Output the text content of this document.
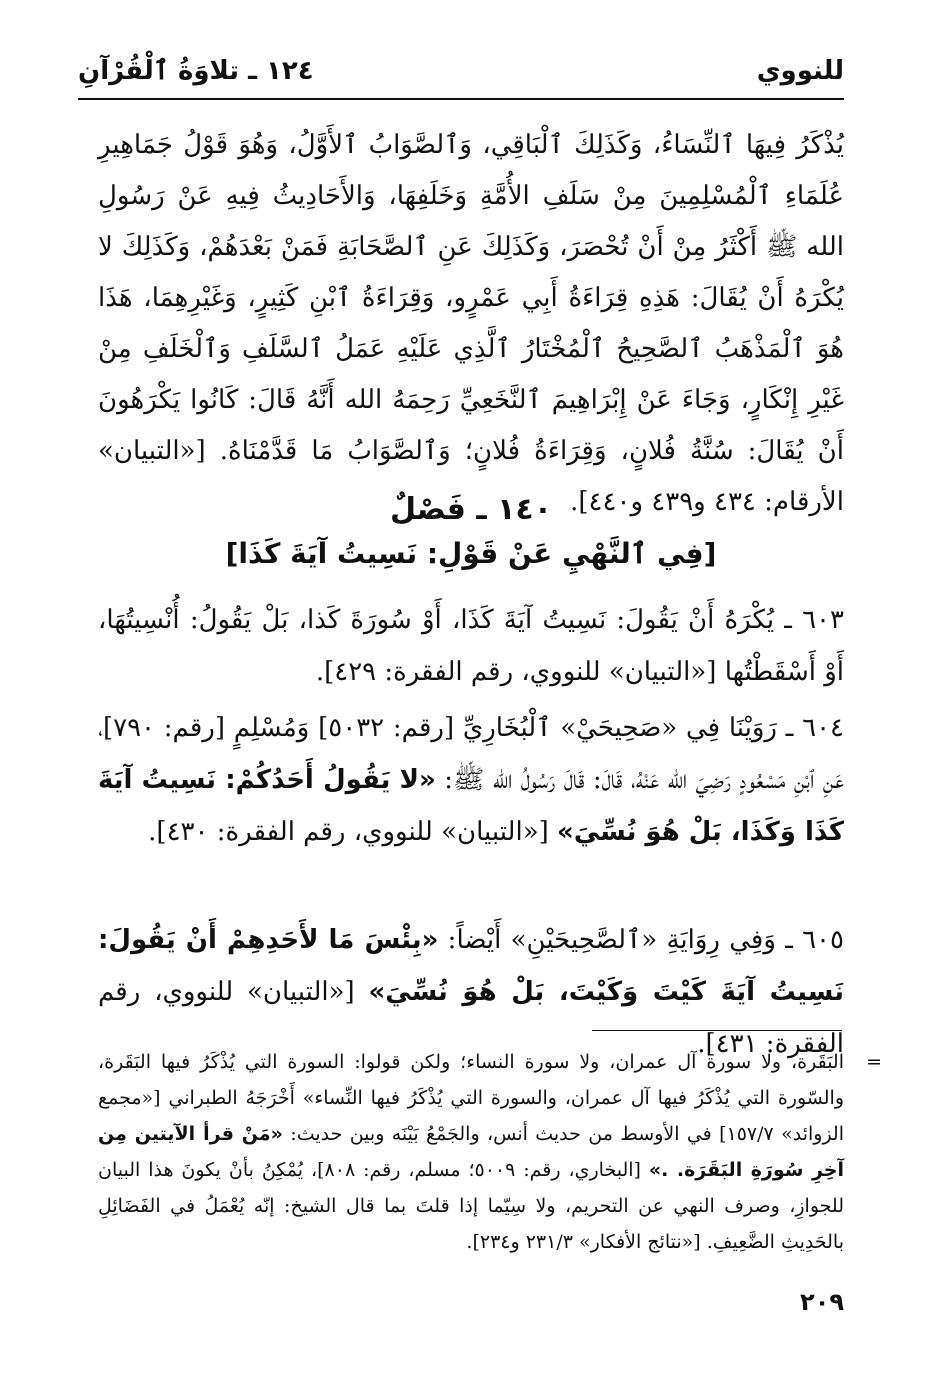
للنووي
١٢٤ ـ تلاوَةُ ٱلْقُرْآنِ
يُذْكَرُ فِيهَا ٱلنِّسَاءُ، وَكَذَلِكَ ٱلْبَاقِي، وَٱلصَّوَابُ ٱلأَوَّلُ، وَهُوَ قَوْلُ جَمَاهِيرِ عُلَمَاءِ ٱلْمُسْلِمِينَ مِنْ سَلَفِ الأُمَّةِ وَخَلَفِهَا، وَالأَحَادِيثُ فِيهِ عَنْ رَسُولِ الله ﷺ أَكْثَرُ مِنْ أَنْ تُحْصَرَ، وَكَذَلِكَ عَنِ ٱلصَّحَابَةِ فَمَنْ بَعْدَهُمْ، وَكَذَلِكَ لا يُكْرَهُ أَنْ يُقَالَ: هَذِهِ قِرَاءَةُ أَبِي عَمْرٍو، وَقِرَاءَةُ ٱبْنِ كَثِيرٍ، وَغَيْرِهِمَا، هَذَا هُوَ ٱلْمَذْهَبُ ٱلصَّحِيحُ ٱلْمُخْتَارُ ٱلَّذِي عَلَيْهِ عَمَلُ ٱلسَّلَفِ وَٱلْخَلَفِ مِنْ غَيْرِ إِنْكَارٍ، وَجَاءَ عَنْ إِبْرَاهِيمَ ٱلنَّخَعِيِّ رَحِمَهُ الله أَنَّهُ قَالَ: كَانُوا يَكْرَهُونَ أَنْ يُقَالَ: سُنَّةُ فُلانٍ، وَقِرَاءَةُ فُلانٍ؛ وَٱلصَّوَابُ مَا قَدَّمْنَاهُ. [«التبيان» الأرقام: ٤٣٤ و٤٣٩ و٤٤٠].
١٤٠ ـ فَصْلٌ
[فِي ٱلنَّهْيِ عَنْ قَوْلِ: نَسِيتُ آيَةَ كَذَا]
٦٠٣ ـ يُكْرَهُ أَنْ يَقُولَ: نَسِيتُ آيَةَ كَذَا، أَوْ سُورَةَ كَذا، بَلْ يَقُولُ: أُنْسِيتُهَا، أَوْ أَسْقَطْتُها [«التبيان» للنووي، رقم الفقرة: ٤٢٩].
٦٠٤ ـ رَوَيْنَا فِي «صَحِيحَيْ» ٱلْبُخَارِيِّ [رقم: ٥٠٣٢] وَمُسْلِمٍ [رقم: ٧٩٠]، عَنِ ٱبْنِ مَسْعُودٍ رَضِيَ الله عَنْهُ، قَالَ: قَالَ رَسُولُ الله ﷺ: «لا يَقُولُ أَحَدُكُمْ: نَسِيتُ آيَةَ كَذَا وَكَذَا، بَلْ هُوَ نُسِّيَ» [«التبيان» للنووي، رقم الفقرة: ٤٣٠].
٦٠٥ ـ وَفِي رِوَايَةِ «ٱلصَّحِيحَيْنِ» أَيْضاً: «بِئْسَ مَا لأَحَدِهِمْ أَنْ يَقُولَ: نَسِيتُ آيَةَ كَيْتَ وَكَيْتَ، بَلْ هُوَ نُسِّيَ» [«التبيان» للنووي، رقم الفقرة: ٤٣١].
=
البَقَرة، ولا سورة آل عمران، ولا سورة النساء؛ ولكن قولوا: السورة التي يُذْكَرُ فيها البَقَرة، والسّورة التي يُذْكَرُ فيها آل عمران، والسورة التي يُذْكَرُ فيها النِّساء» أَخْرَجَهُ الطبراني [«مجمع الزوائد» ١٥٧/٧] في الأوسط من حديث أنس، والجَمْعُ بَيْنَه وبين حديث: «مَنْ قرأ الآيتين مِن آخِرِ سُورَةِ البَقَرَة. .» [البخاري، رقم: ٥٠٠٩؛ مسلم، رقم: ٨٠٨]، يُمْكِنُ بأنْ يكونَ هذا البيان للجوازِ، وصرف النهي عن التحريم، ولا سِيّما إذا قلتَ بما قال الشيخ: إنّه يُعْمَلُ في الفَضَائِلِ بالحَدِيثِ الضَّعِيفِ. [«نتائج الأفكار» ٢٣١/٣ و٢٣٤].
٢٠٩
